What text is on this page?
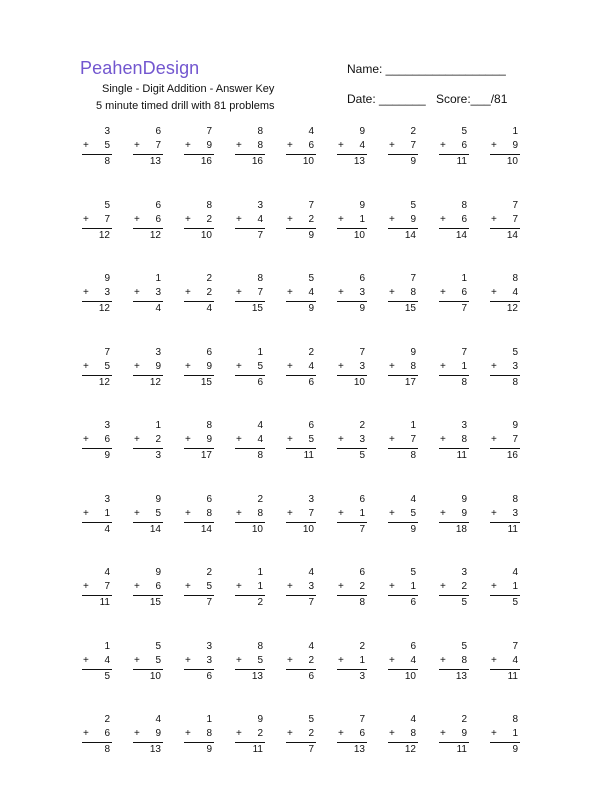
PeahenDesign
Single - Digit Addition - Answer Key
5 minute timed drill with 81 problems
Name: __________________
Date: _______ Score:___/81
3
+	5
8
6
+	7
13
7
+	9
16
8
+	8
16
4
+	6
10
9
+	4
13
2
+	7
9
5
+	6
11
1
+	9
10
5
+	7
12
6
+	6
12
8
+	2
10
3
+	4
7
7
+	2
9
9
+	1
10
5
+	9
14
8
+	6
14
7
+	7
14
9
+	3
12
1
+	3
4
2
+	2
4
8
+	7
15
5
+	4
9
6
+	3
9
7
+	8
15
1
+	6
7
8
+	4
12
7
+	5
12
3
+	9
12
6
+	9
15
1
+	5
6
2
+	4
6
7
+	3
10
9
+	8
17
7
+	1
8
5
+	3
8
3
+	6
9
1
+	2
3
8
+	9
17
4
+	4
8
6
+	5
11
2
+	3
5
1
+	7
8
3
+	8
11
9
+	7
16
3
+	1
4
9
+	5
14
6
+	8
14
2
+	8
10
3
+	7
10
6
+	1
7
4
+	5
9
9
+	9
18
8
+	3
11
4
+	7
11
9
+	6
15
2
+	5
7
1
+	1
2
4
+	3
7
6
+	2
8
5
+	1
6
3
+	2
5
4
+	1
5
1
+	4
5
5
+	5
10
3
+	3
6
8
+	5
13
4
+	2
6
2
+	1
3
6
+	4
10
5
+	8
13
7
+	4
11
2
+	6
8
4
+	9
13
1
+	8
9
9
+	2
11
5
+	2
7
7
+	6
13
4
+	8
12
2
+	9
11
8
+	1
9
